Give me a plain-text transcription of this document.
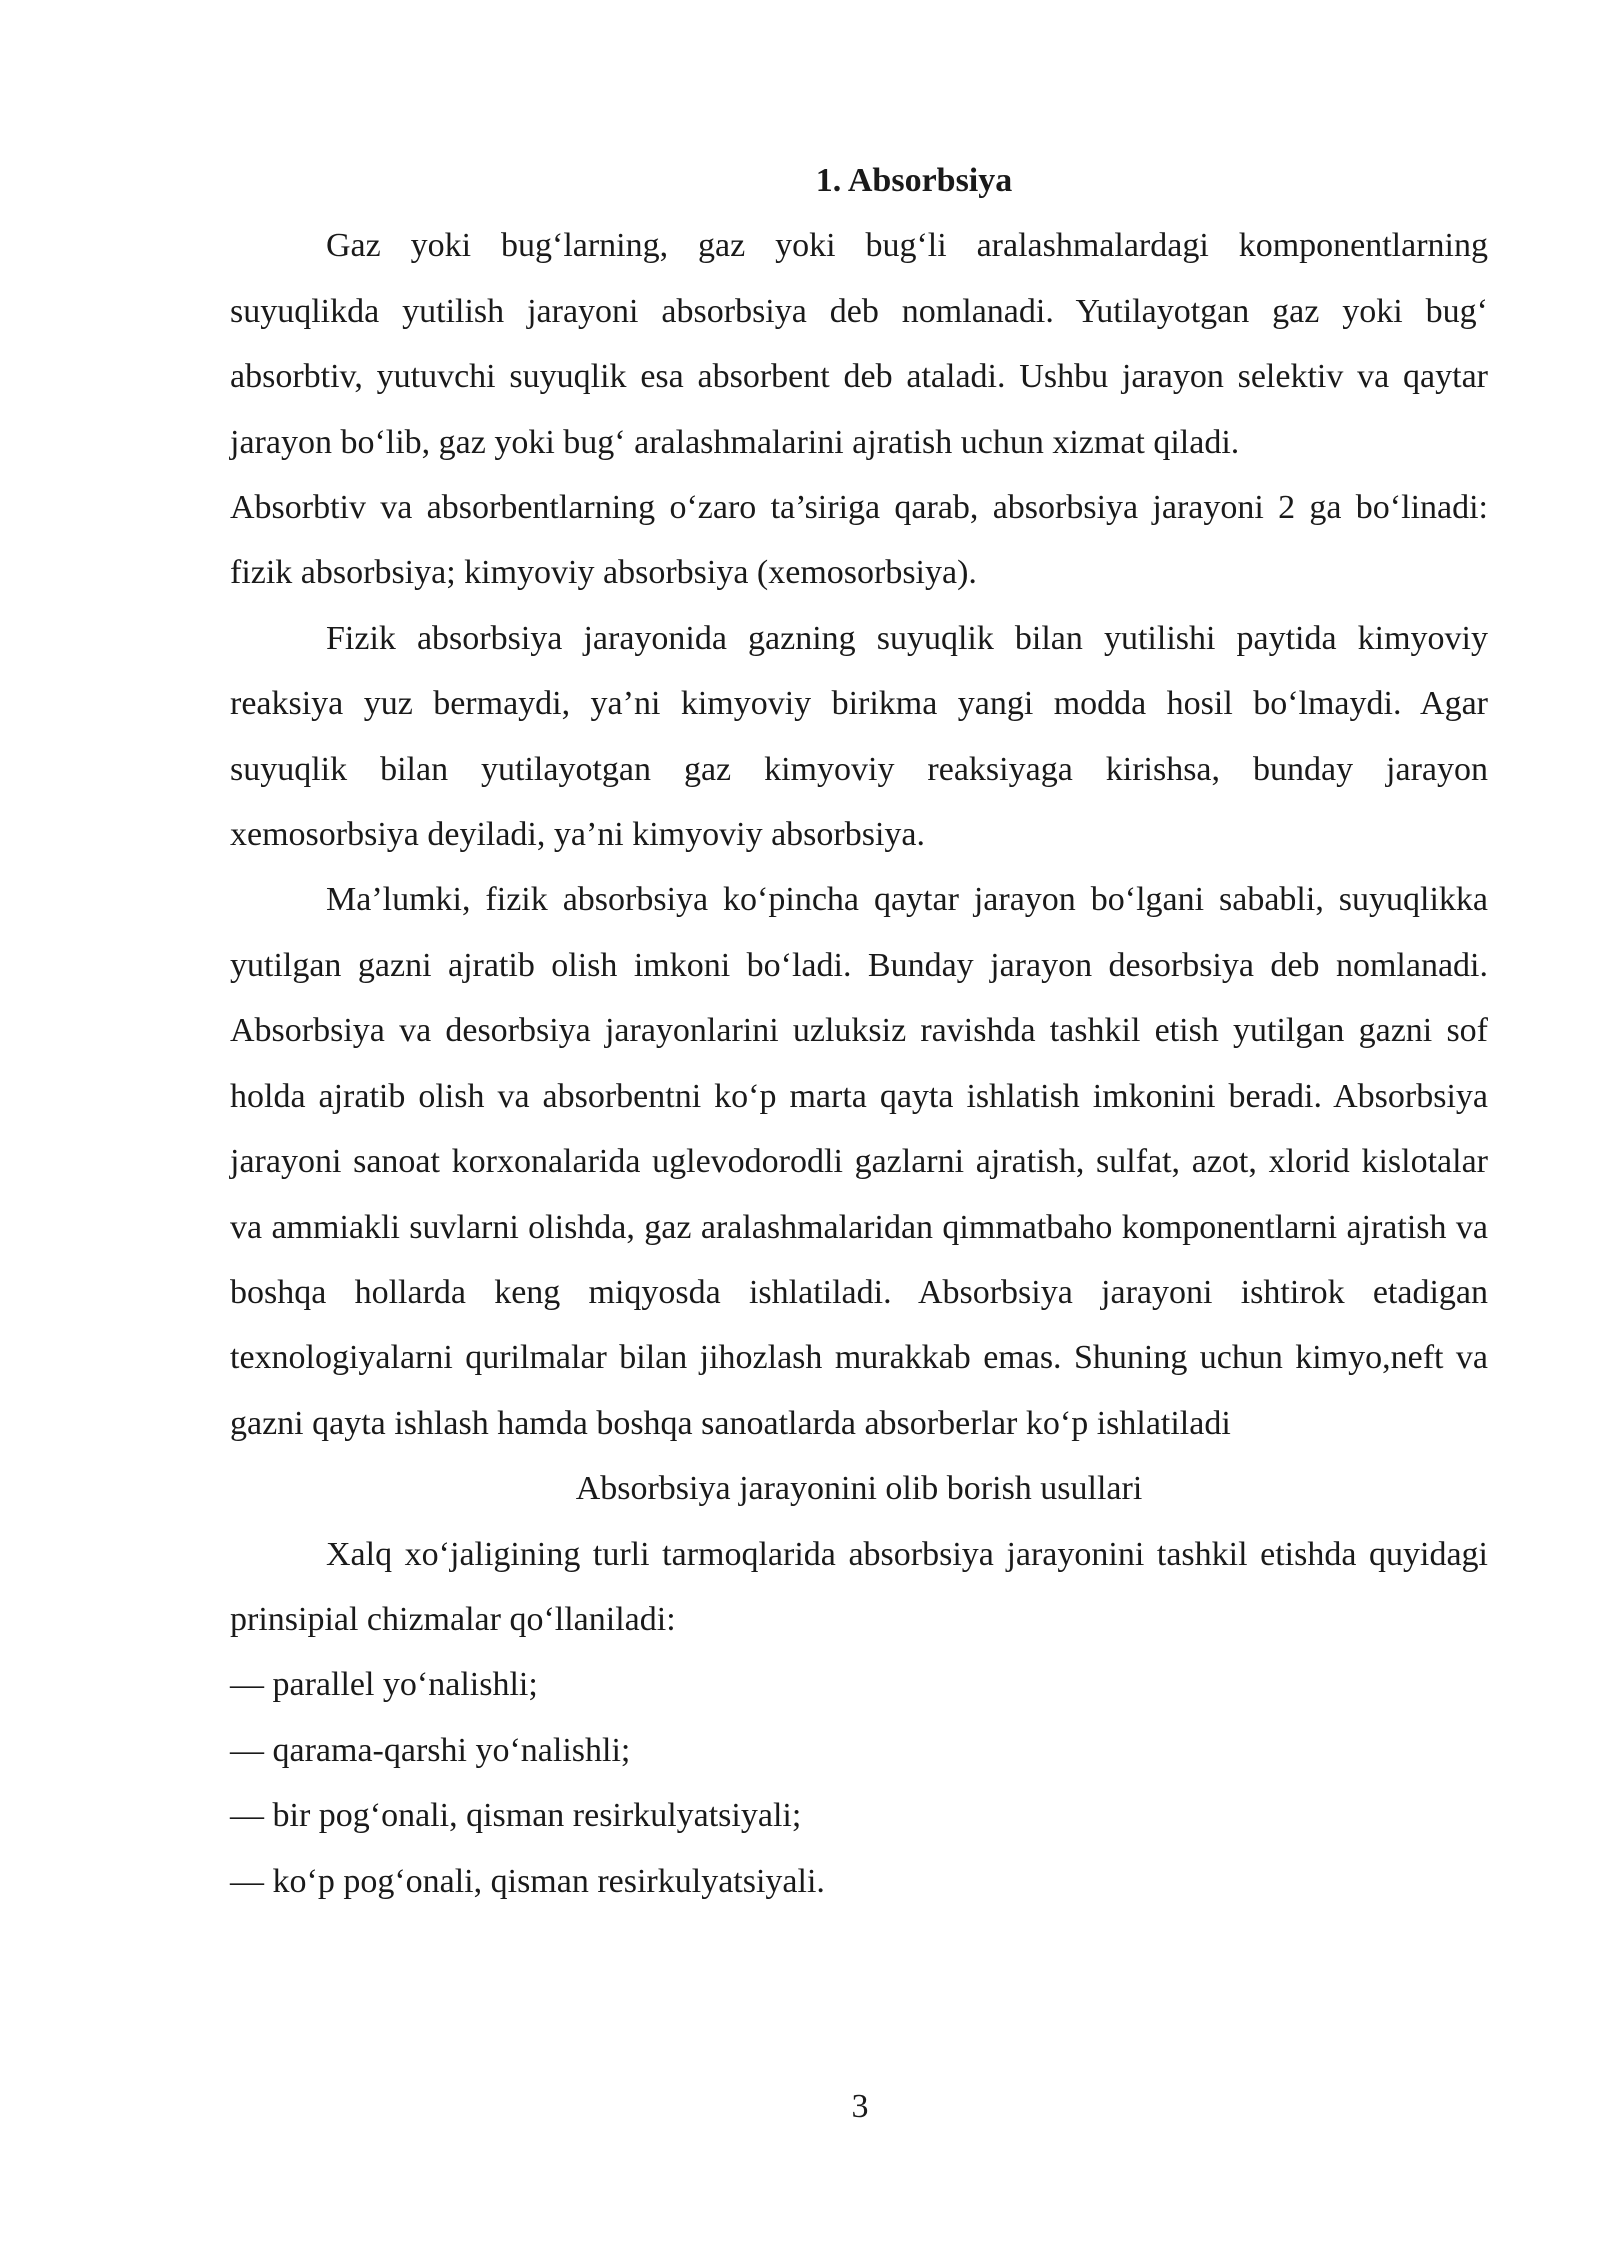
1. Absorbsiya

Gaz yoki bug‘larning, gaz yoki bug‘li aralashmalardagi komponentlarning suyuqlikda yutilish jarayoni absorbsiya deb nomlanadi. Yutilayotgan gaz yoki bug‘ absorbtiv, yutuvchi suyuqlik esa absorbent deb ataladi. Ushbu jarayon selektiv va qaytar jarayon bo‘lib, gaz yoki bug‘ aralashmalarini ajratish uchun xizmat qiladi.

Absorbtiv va absorbentlarning o‘zaro ta’siriga qarab, absorbsiya jarayoni 2 ga bo‘linadi: fizik absorbsiya; kimyoviy absorbsiya (xemosorbsiya).

Fizik absorbsiya jarayonida gazning suyuqlik bilan yutilishi paytida kimyoviy reaksiya yuz bermaydi, ya’ni kimyoviy birikma yangi modda hosil bo‘lmaydi. Agar suyuqlik bilan yutilayotgan gaz kimyoviy reaksiyaga kirishsa, bunday jarayon xemosorbsiya deyiladi, ya’ni kimyoviy absorbsiya.

Ma’lumki, fizik absorbsiya ko‘pincha qaytar jarayon bo‘lgani sababli, suyuqlikka yutilgan gazni ajratib olish imkoni bo‘ladi. Bunday jarayon desorbsiya deb nomlanadi. Absorbsiya va desorbsiya jarayonlarini uzluksiz ravishda tashkil etish yutilgan gazni sof holda ajratib olish va absorbentni ko‘p marta qayta ishlatish imkonini beradi. Absorbsiya jarayoni sanoat korxonalarida uglevodorodli gazlarni ajratish, sulfat, azot, xlorid kislotalar va ammiakli suvlarni olishda, gaz aralashmalaridan qimmatbaho komponentlarni ajratish va boshqa hollarda keng miqyosda ishlatiladi. Absorbsiya jarayoni ishtirok etadigan texnologiyalarni qurilmalar bilan jihozlash murakkab emas. Shuning uchun kimyo,neft va gazni qayta ishlash hamda boshqa sanoatlarda absorberlar ko‘p ishlatiladi

Absorbsiya jarayonini olib borish usullari

Xalq xo‘jaligining turli tarmoqlarida absorbsiya jarayonini tashkil etishda quyidagi prinsipial chizmalar qo‘llaniladi:

— parallel yo‘nalishli;
— qarama-qarshi yo‘nalishli;
— bir pog‘onali, qisman resirkulyatsiyali;
— ko‘p pog‘onali, qisman resirkulyatsiyali.
3
